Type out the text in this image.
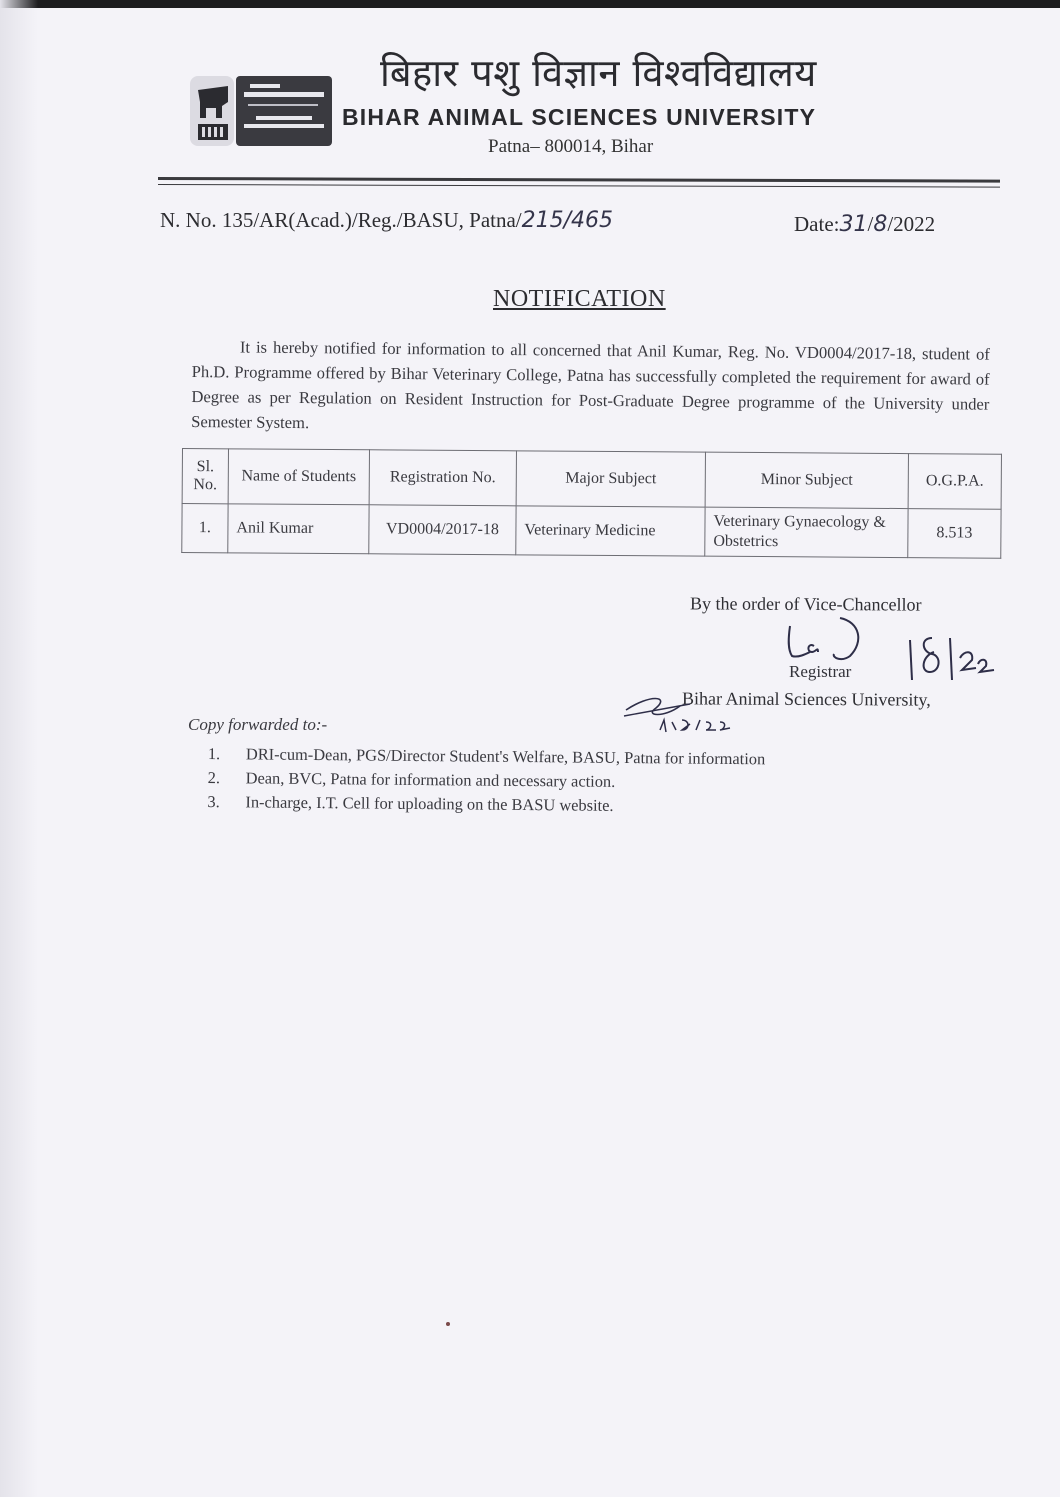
बिहार पशु विज्ञान विश्वविद्यालय
BIHAR ANIMAL SCIENCES UNIVERSITY
Patna– 800014, Bihar
N. No. 135/AR(Acad.)/Reg./BASU, Patna/215/465	Date:31/8/2022
NOTIFICATION
It is hereby notified for information to all concerned that Anil Kumar, Reg. No. VD0004/2017-18, student of Ph.D. Programme offered by Bihar Veterinary College, Patna has successfully completed the requirement for award of Degree as per Regulation on Resident Instruction for Post-Graduate Degree programme of the University under Semester System.
Sl. No.	Name of Students	Registration No.	Major Subject	Minor Subject	O.G.P.A.
1.	Anil Kumar	VD0004/2017-18	Veterinary Medicine	Veterinary Gynaecology & Obstetrics	8.513
By the order of Vice-Chancellor
Registrar
Bihar Animal Sciences University,
Copy forwarded to:-
1. DRI-cum-Dean, PGS/Director Student's Welfare, BASU, Patna for information
2. Dean, BVC, Patna for information and necessary action.
3. In-charge, I.T. Cell for uploading on the BASU website.
